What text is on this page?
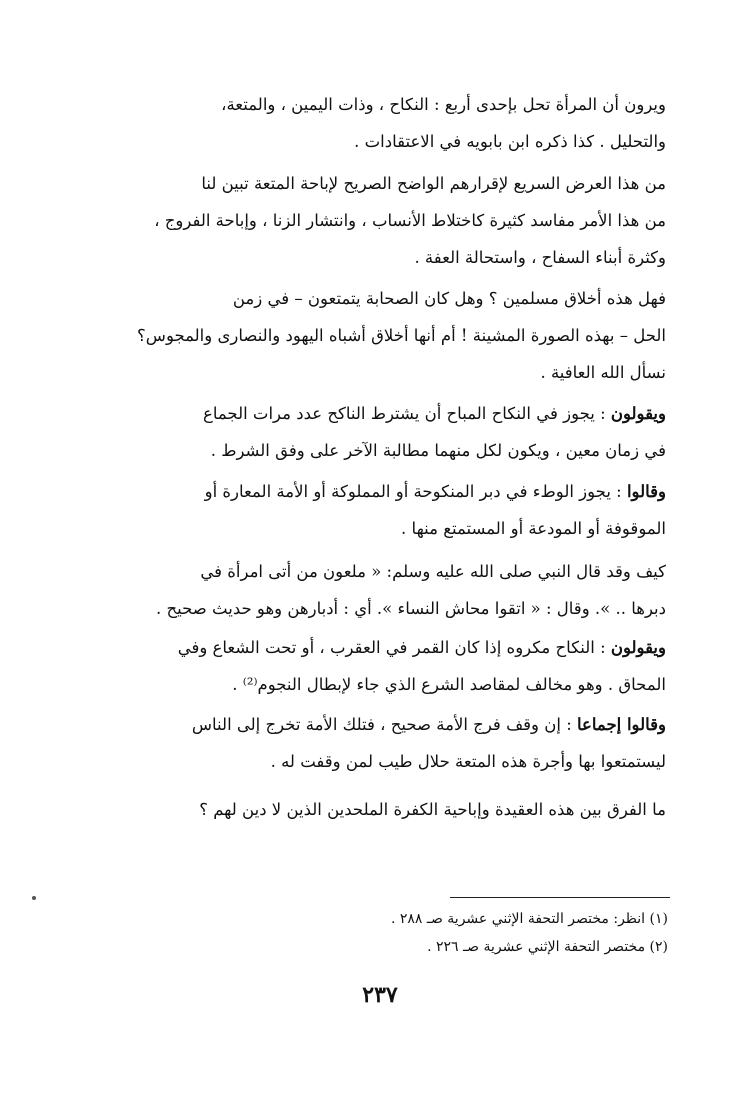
ويرون أن المرأة تحل بإحدى أربع : النكاح ، وذات اليمين ، والمتعة،
والتحليل . كذا ذكره ابن بابويه في الاعتقادات .
من هذا العرض السريع لإقرارهم الواضح الصريح لإباحة المتعة تبين لنا
من هذا الأمر مفاسد كثيرة كاختلاط الأنساب ، وانتشار الزنا ، وإباحة الفروج ،
وكثرة أبناء السفاح ، واستحالة العفة .
فهل هذه أخلاق مسلمين ؟ وهل كان الصحابة يتمتعون – في زمن
الحل – بهذه الصورة المشينة ! أم أنها أخلاق أشباه اليهود والنصارى والمجوس؟
نسأل الله العافية .
ويقولون : يجوز في النكاح المباح أن يشترط الناكح عدد مرات الجماع
في زمان معين ، ويكون لكل منهما مطالبة الآخر على وفق الشرط .
وقالوا : يجوز الوطء في دبر المنكوحة أو المملوكة أو الأمة المعارة أو
الموقوفة أو المودعة أو المستمتع منها .
كيف وقد قال النبي صلى الله عليه وسلم: « ملعون من أتى امرأة في
دبرها .. ». وقال : « اتقوا محاش النساء ». أي : أدبارهن وهو حديث صحيح .
ويقولون : النكاح مكروه إذا كان القمر في العقرب ، أو تحت الشعاع وفي
المحاق . وهو مخالف لمقاصد الشرع الذي جاء لإبطال النجوم⁽²⁾ .
وقالوا إجماعا : إن وقف فرج الأمة صحيح ، فتلك الأمة تخرج إلى الناس
ليستمتعوا بها وأجرة هذه المتعة حلال طيب لمن وقفت له .
ما الفرق بين هذه العقيدة وإباحية الكفرة الملحدين الذين لا دين لهم ؟
(١) انظر: مختصر التحفة الإثني عشرية صـ ٢٨٨ .
(٢) مختصر التحفة الإثني عشرية صـ ٢٢٦ .
٢٣٧
